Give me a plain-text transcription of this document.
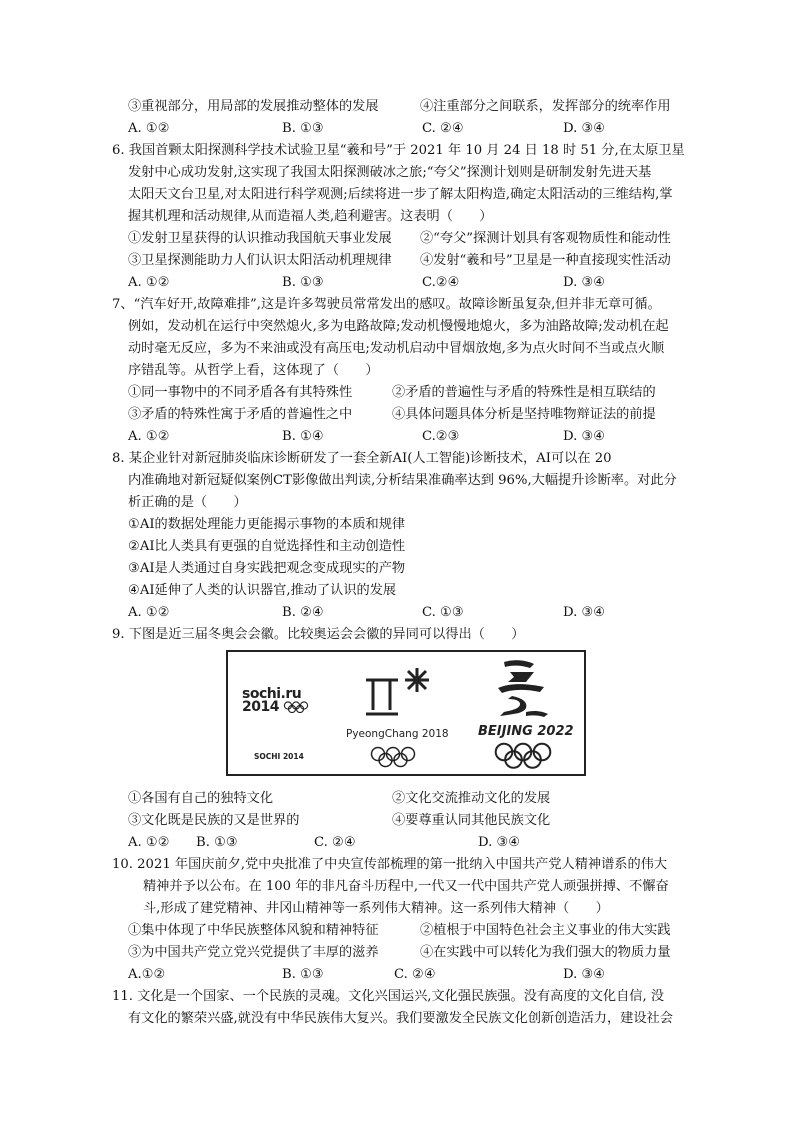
③重视部分，用局部的发展推动整体的发展	④注重部分之间联系，发挥部分的统率作用
A. ①②	B. ①③	C. ②④	D. ③④
6. 我国首颗太阳探测科学技术试验卫星“羲和号”于 2021 年 10 月 24 日 18 时 51 分,在太原卫星
发射中心成功发射,这实现了我国太阳探测破冰之旅;“夸父”探测计划则是研制发射先进天基
太阳天文台卫星,对太阳进行科学观测;后续将进一步了解太阳构造,确定太阳活动的三维结构,掌
握其机理和活动规律,从而造福人类,趋利避害。这表明（　　）
①发射卫星获得的认识推动我国航天事业发展 ②“夸父”探测计划具有客观物质性和能动性
③卫星探测能助力人们认识太阳活动机理规律 ④发射“羲和号”卫星是一种直接现实性活动
A. ①②	B. ①③	C.②④	D. ③④
7、“汽车好开,故障难排”,这是许多驾驶员常常发出的感叹。故障诊断虽复杂,但并非无章可循。
例如，发动机在运行中突然熄火,多为电路故障;发动机慢慢地熄火，多为油路故障;发动机在起
动时毫无反应，多为不来油或没有高压电;发动机启动中冒烟放炮,多为点火时间不当或点火顺
序错乱等。从哲学上看，这体现了（　　）
①同一事物中的不同矛盾各有其特殊性	②矛盾的普遍性与矛盾的特殊性是相互联结的
③矛盾的特殊性寓于矛盾的普遍性之中	④具体问题具体分析是坚持唯物辩证法的前提
A. ①②	B. ①④	C.②③	D. ③④
8. 某企业针对新冠肺炎临床诊断研发了一套全新AI(人工智能)诊断技术，AI可以在 20
内准确地对新冠疑似案例CT影像做出判读,分析结果准确率达到 96%,大幅提升诊断率。对此分
析正确的是（　　）
①AI的数据处理能力更能揭示事物的本质和规律
②AI比人类具有更强的自觉选择性和主动创造性
③AI是人类通过自身实践把观念变成现实的产物
④AI延伸了人类的认识器官,推动了认识的发展
A. ①②	B. ②④	C. ①③	D. ③④
9. 下图是近三届冬奥会会徽。比较奥运会会徽的异同可以得出（　　）
sochi.ru
2014
SOCHI 2014
PyeongChang 2018 BEIJING 2022
①各国有自己的独特文化	②文化交流推动文化的发展
③文化既是民族的又是世界的	④要尊重认同其他民族文化
A. ①② B. ①③	C. ②④	D. ③④
10. 2021 年国庆前夕,党中央批准了中央宣传部梳理的第一批纳入中国共产党人精神谱系的伟大
精神并予以公布。在 100 年的非凡奋斗历程中,一代又一代中国共产党人顽强拼搏、不懈奋
斗,形成了建党精神、井冈山精神等一系列伟大精神。这一系列伟大精神（　　）
①集中体现了中华民族整体风貌和精神特征	②植根于中国特色社会主义事业的伟大实践
③为中国共产党立党兴党提供了丰厚的滋养	④在实践中可以转化为我们强大的物质力量
A.①②	B. ①③	C. ②④	D. ③④
11. 文化是一个国家、一个民族的灵魂。文化兴国运兴,文化强民族强。没有高度的文化自信, 没
有文化的繁荣兴盛,就没有中华民族伟大复兴。我们要激发全民族文化创新创造活力，建设社会
